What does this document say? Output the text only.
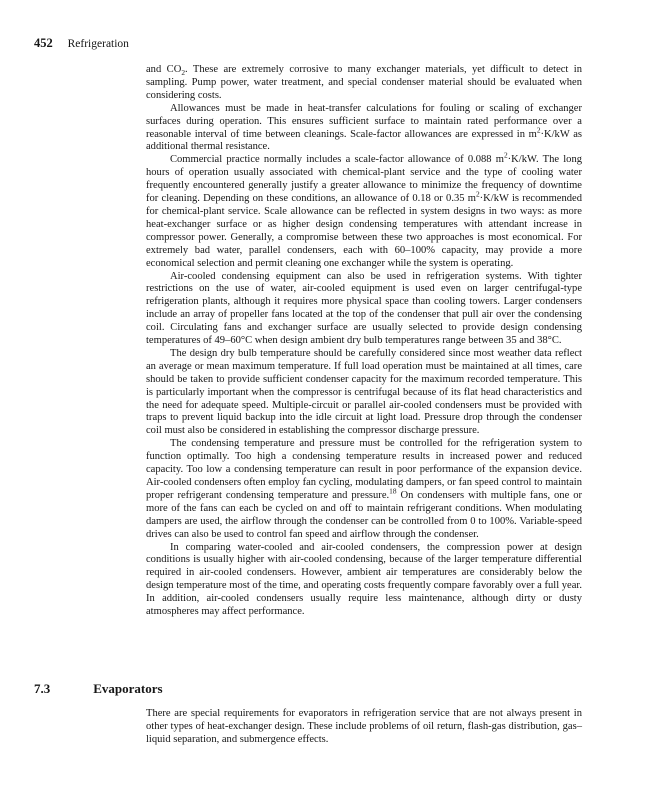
452 Refrigeration

and $CO_2$. These are extremely corrosive to many exchanger materials, yet difficult to detect in sampling. Pump power, water treatment, and special condenser material should be evaluated when considering costs.

Allowances must be made in heat-transfer calculations for fouling or scaling of exchanger surfaces during operation. This ensures sufficient surface to maintain rated performance over a reasonable interval of time between cleanings. Scale-factor allowances are expressed in $m^2\cdot K/kW$ as additional thermal resistance.

Commercial practice normally includes a scale-factor allowance of 0.088 $m^2\cdot K/kW$. The long hours of operation usually associated with chemical-plant service and the type of cooling water frequently encountered generally justify a greater allowance to minimize the frequency of downtime for cleaning. Depending on these conditions, an allowance of 0.18 or 0.35 $m^2\cdot K/kW$ is recommended for chemical-plant service. Scale allowance can be reflected in system designs in two ways: as more heat-exchanger surface or as higher design condensing temperatures with attendant increase in compressor power. Generally, a compromise between these two approaches is most economical. For extremely bad water, parallel condensers, each with 60–100% capacity, may provide a more economical selection and permit cleaning one exchanger while the system is operating.

Air-cooled condensing equipment can also be used in refrigeration systems. With tighter restrictions on the use of water, air-cooled equipment is used even on larger centrifugal-type refrigeration plants, although it requires more physical space than cooling towers. Larger condensers include an array of propeller fans located at the top of the condenser that pull air over the condensing coil. Circulating fans and exchanger surface are usually selected to provide design condensing temperatures of 49–60°C when design ambient dry bulb temperatures range between 35 and 38°C.

The design dry bulb temperature should be carefully considered since most weather data reflect an average or mean maximum temperature. If full load operation must be maintained at all times, care should be taken to provide sufficient condenser capacity for the maximum recorded temperature. This is particularly important when the compressor is centrifugal because of its flat head characteristics and the need for adequate speed. Multiple-circuit or parallel air-cooled condensers must be provided with traps to prevent liquid backup into the idle circuit at light load. Pressure drop through the condenser coil must also be considered in establishing the compressor discharge pressure.

The condensing temperature and pressure must be controlled for the refrigeration system to function optimally. Too high a condensing temperature results in increased power and reduced capacity. Too low a condensing temperature can result in poor performance of the expansion device. Air-cooled condensers often employ fan cycling, modulating dampers, or fan speed control to maintain proper refrigerant condensing temperature and pressure.$^{18}$ On condensers with multiple fans, one or more of the fans can each be cycled on and off to maintain refrigerant conditions. When modulating dampers are used, the airflow through the condenser can be controlled from 0 to 100%. Variable-speed drives can also be used to control fan speed and airflow through the condenser.

In comparing water-cooled and air-cooled condensers, the compression power at design conditions is usually higher with air-cooled condensing, because of the larger temperature differential required in air-cooled condensers. However, ambient air temperatures are considerably below the design temperature most of the time, and operating costs frequently compare favorably over a full year. In addition, air-cooled condensers usually require less maintenance, although dirty or dusty atmospheres may affect performance.

7.3	Evaporators

There are special requirements for evaporators in refrigeration service that are not always present in other types of heat-exchanger design. These include problems of oil return, flash-gas distribution, gas–liquid separation, and submergence effects.
